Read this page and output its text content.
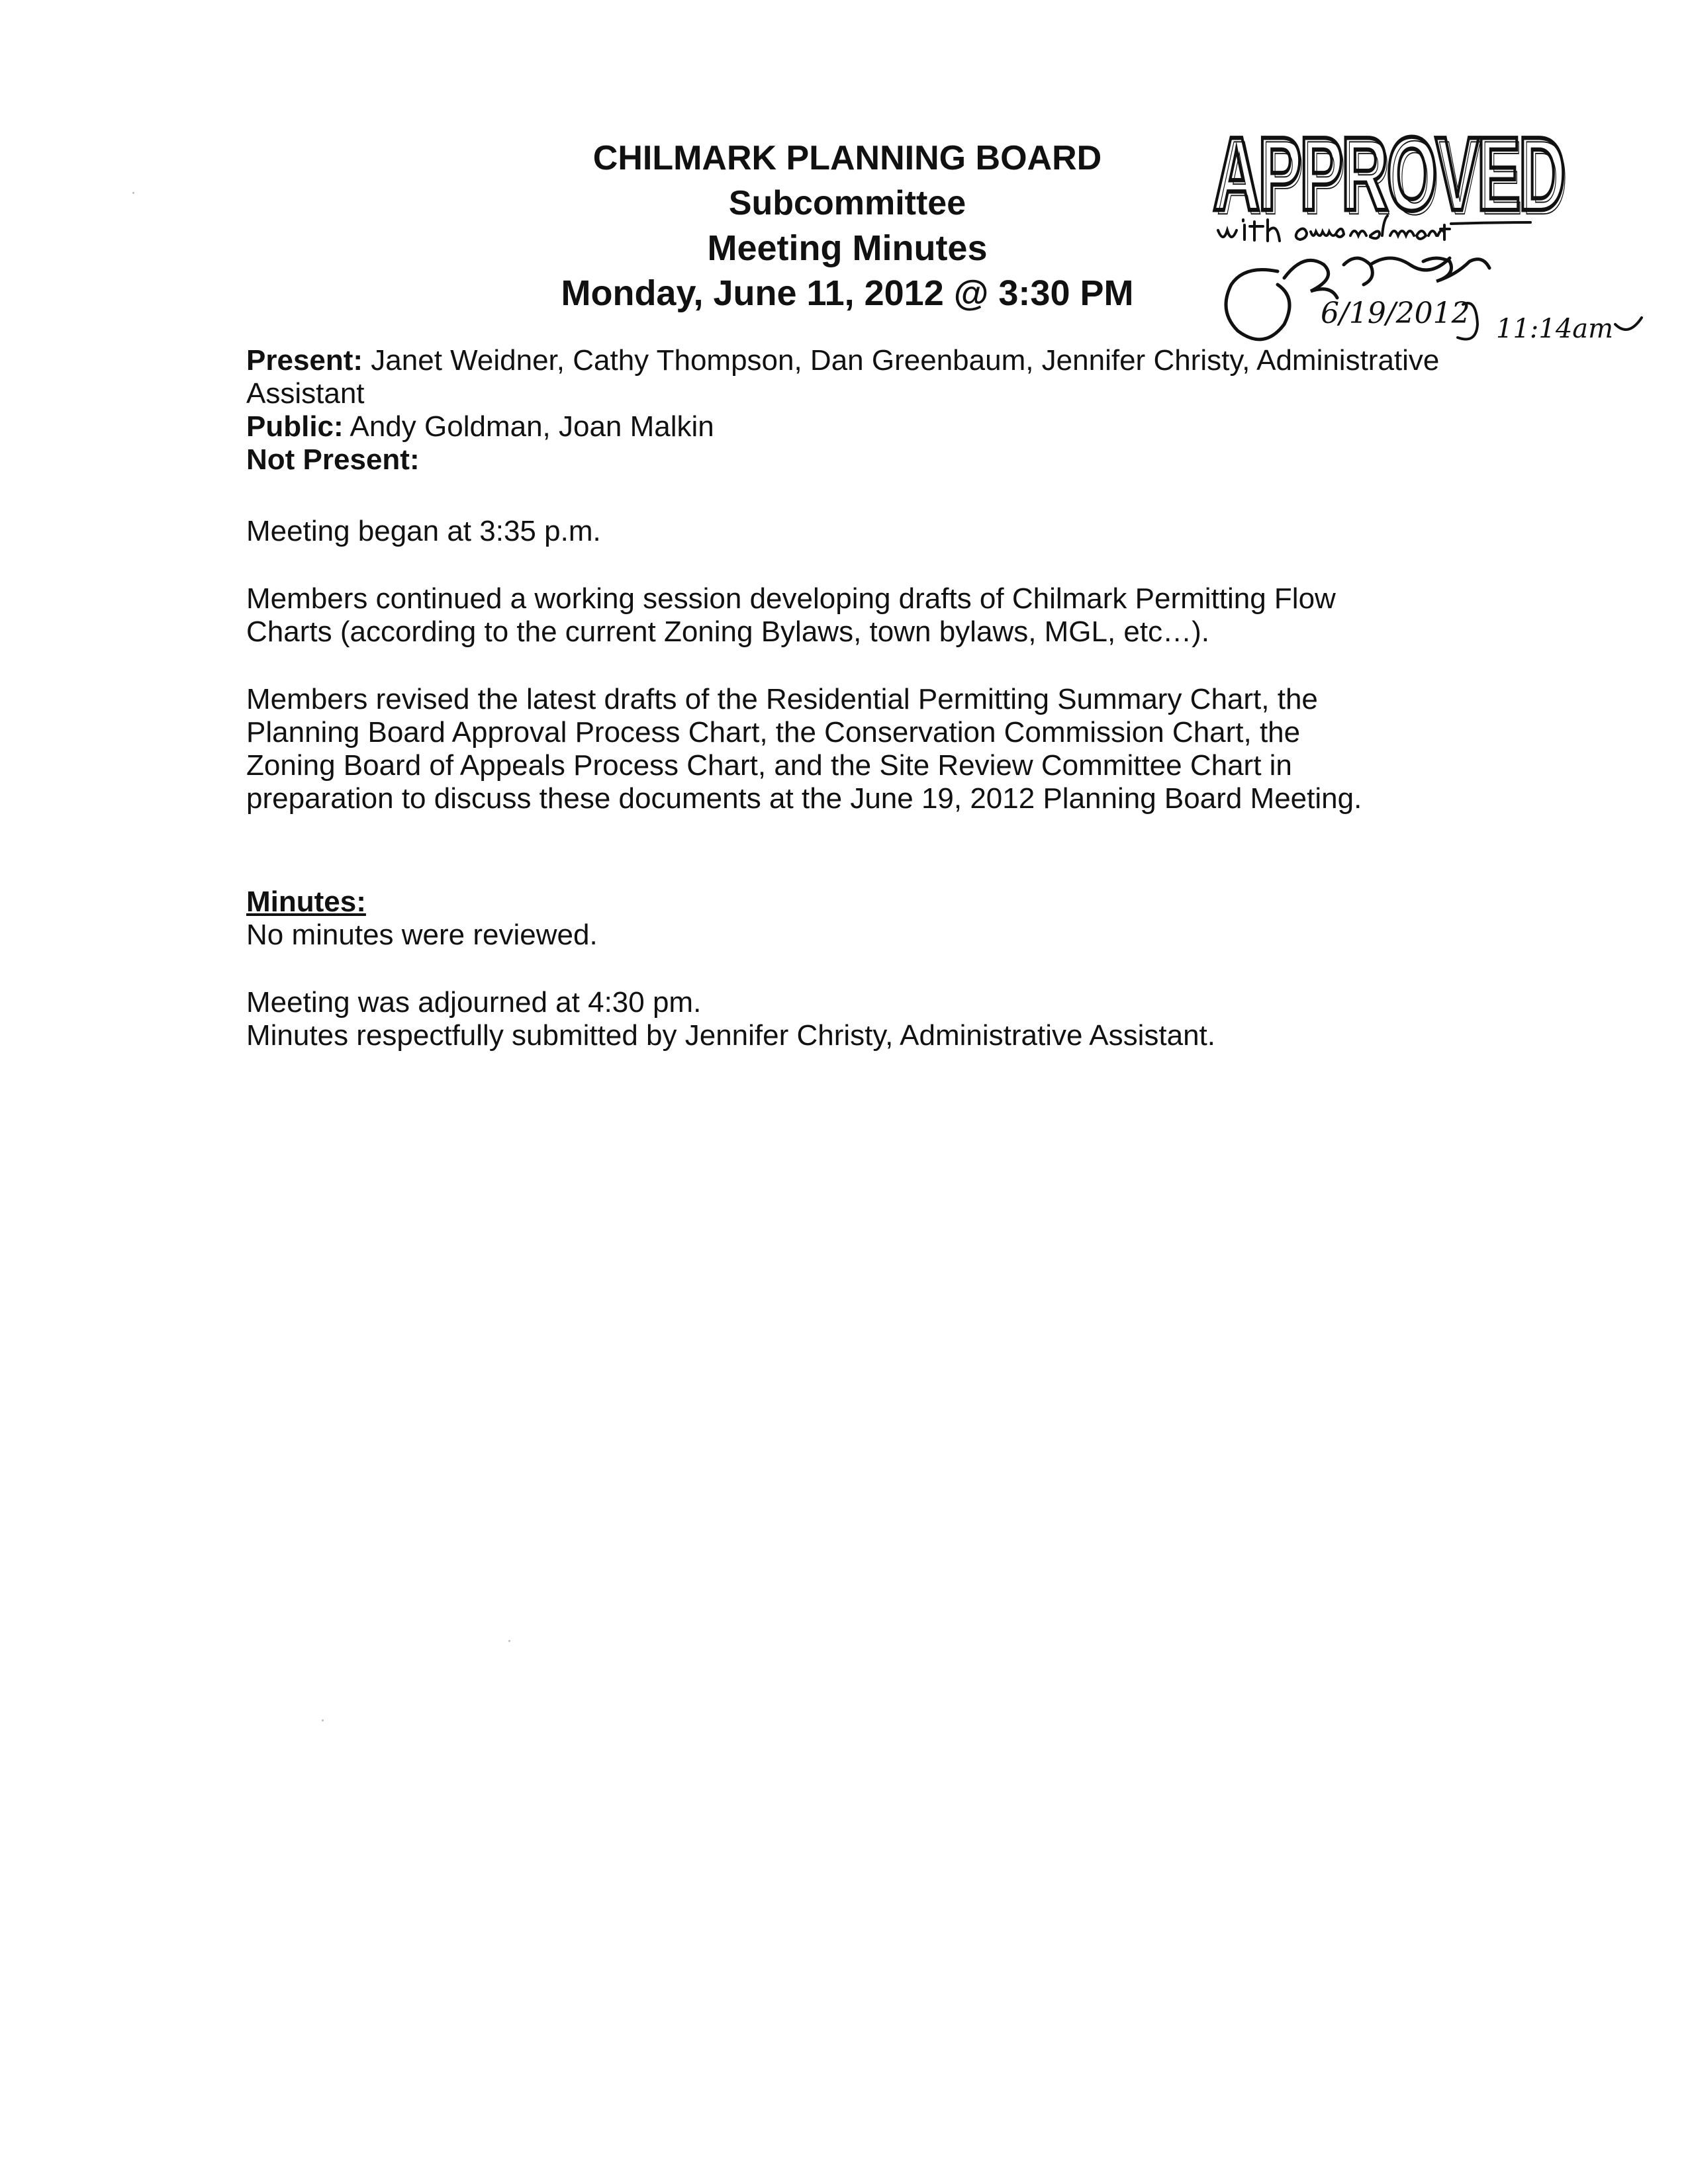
CHILMARK PLANNING BOARD
Subcommittee
Meeting Minutes
Monday, June 11, 2012 @ 3:30 PM
APPROVED
APPROVED
6/19/2012 11:14am
Present: Janet Weidner, Cathy Thompson, Dan Greenbaum, Jennifer Christy, Administrative
Assistant
Public: Andy Goldman, Joan Malkin
Not Present:
Meeting began at 3:35 p.m.
Members continued a working session developing drafts of Chilmark Permitting Flow
Charts (according to the current Zoning Bylaws, town bylaws, MGL, etc…).
Members revised the latest drafts of the Residential Permitting Summary Chart, the
Planning Board Approval Process Chart, the Conservation Commission Chart, the
Zoning Board of Appeals Process Chart, and the Site Review Committee Chart in
preparation to discuss these documents at the June 19, 2012 Planning Board Meeting.
Minutes:
No minutes were reviewed.
Meeting was adjourned at 4:30 pm.
Minutes respectfully submitted by Jennifer Christy, Administrative Assistant.
